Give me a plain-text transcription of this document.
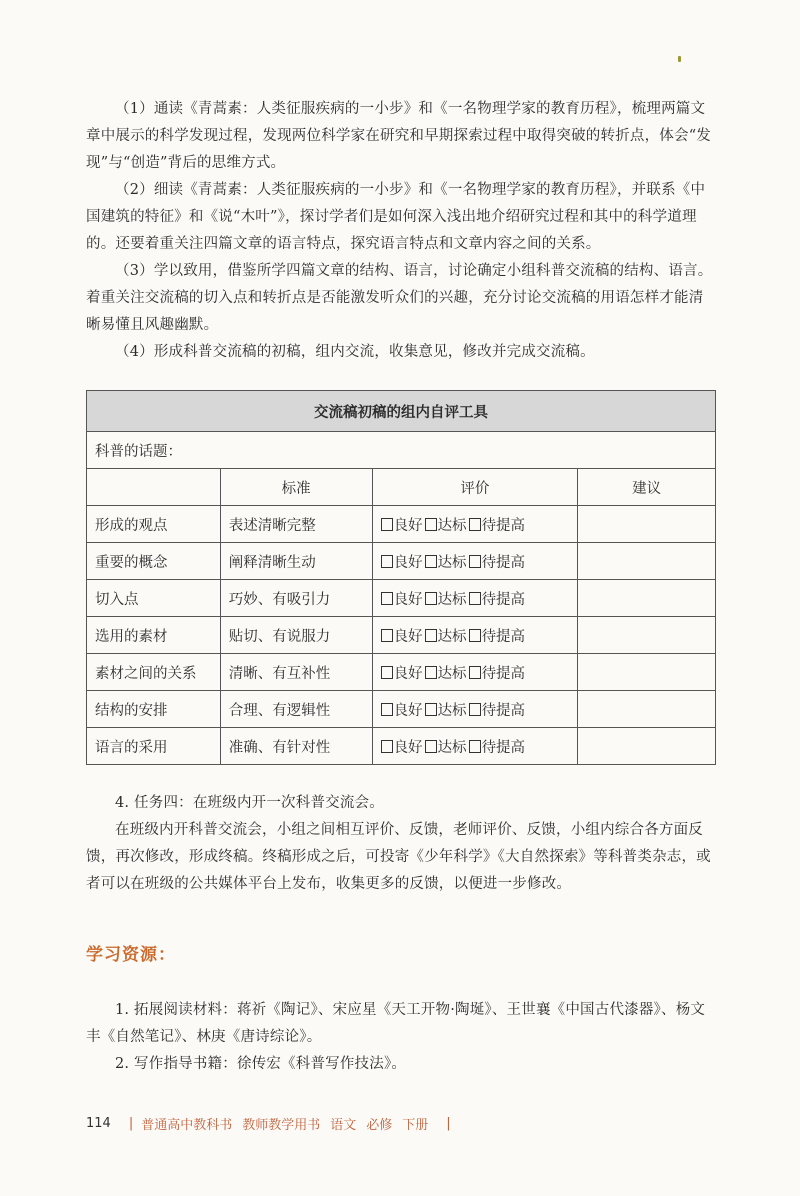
（1）通读《青蒿素：人类征服疾病的一小步》和《一名物理学家的教育历程》，梳理两篇文章中展示的科学发现过程，发现两位科学家在研究和早期探索过程中取得突破的转折点，体会“发现”与“创造”背后的思维方式。

（2）细读《青蒿素：人类征服疾病的一小步》和《一名物理学家的教育历程》，并联系《中国建筑的特征》和《说“木叶”》，探讨学者们是如何深入浅出地介绍研究过程和其中的科学道理的。还要着重关注四篇文章的语言特点，探究语言特点和文章内容之间的关系。

（3）学以致用，借鉴所学四篇文章的结构、语言，讨论确定小组科普交流稿的结构、语言。着重关注交流稿的切入点和转折点是否能激发听众们的兴趣，充分讨论交流稿的用语怎样才能清晰易懂且风趣幽默。

（4）形成科普交流稿的初稿，组内交流，收集意见，修改并完成交流稿。

交流稿初稿的组内自评工具			
科普的话题：			
	标准	评价	建议
形成的观点	表述清晰完整	良好 达标 待提高	
重要的概念	阐释清晰生动	良好 达标 待提高	
切入点	巧妙、有吸引力	良好 达标 待提高	
选用的素材	贴切、有说服力	良好 达标 待提高	
素材之间的关系	清晰、有互补性	良好 达标 待提高	
结构的安排	合理、有逻辑性	良好 达标 待提高	
语言的采用	准确、有针对性	良好 达标 待提高	

4. 任务四：在班级内开一次科普交流会。

在班级内开科普交流会，小组之间相互评价、反馈，老师评价、反馈，小组内综合各方面反馈，再次修改，形成终稿。终稿形成之后，可投寄《少年科学》《大自然探索》等科普类杂志，或者可以在班级的公共媒体平台上发布，收集更多的反馈，以便进一步修改。

学习资源：

1. 拓展阅读材料：蒋祈《陶记》、宋应星《天工开物·陶埏》、王世襄《中国古代漆器》、杨文丰《自然笔记》、林庚《唐诗综论》。

2. 写作指导书籍：徐传宏《科普写作技法》。

114 | 普通高中教科书 教师教学用书 语文 必修 下册 |
